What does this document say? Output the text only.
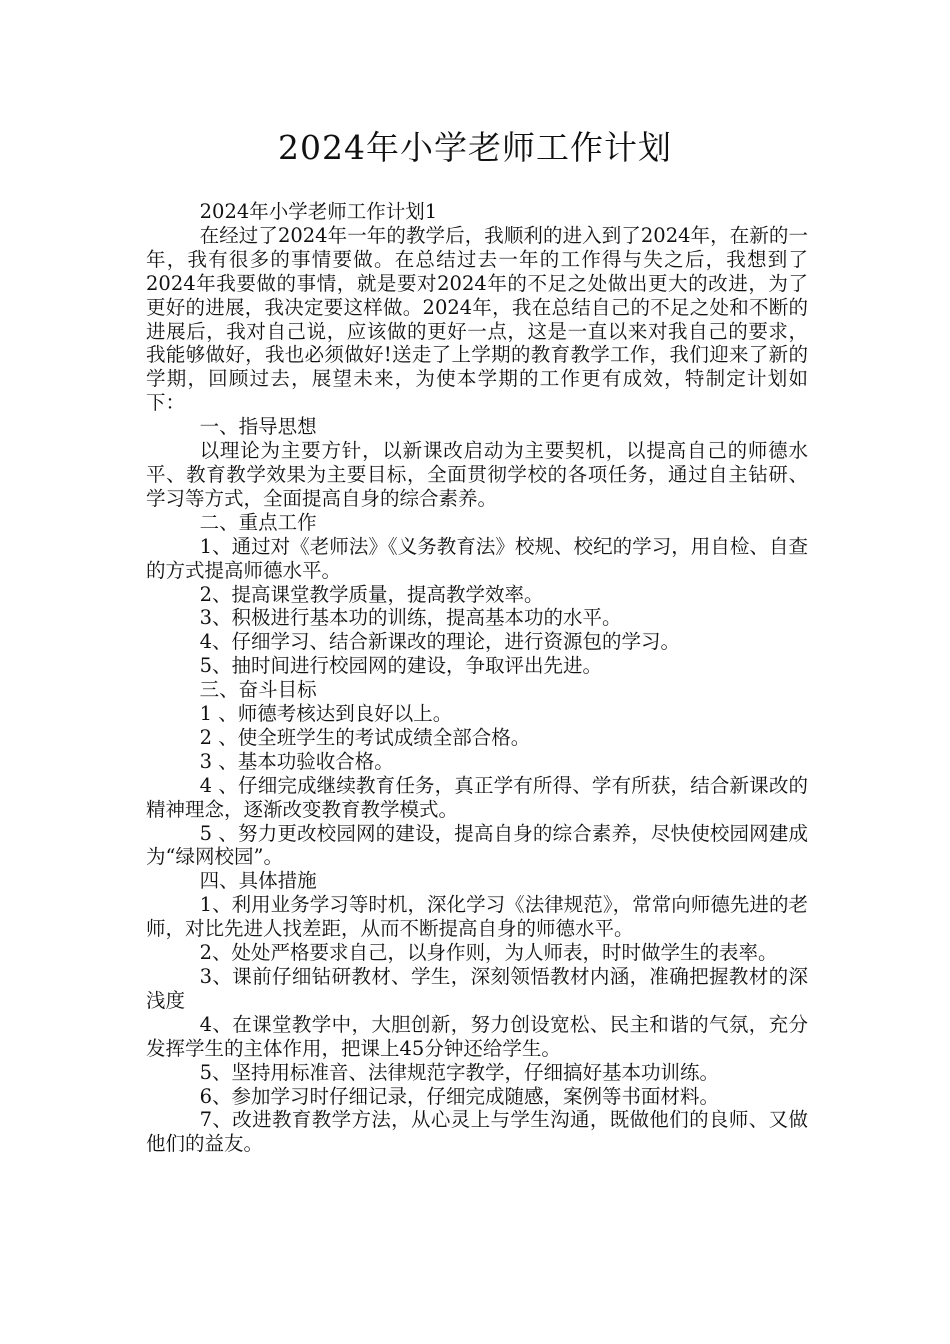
2024年小学老师工作计划

2024年小学老师工作计划1

在经过了2024年一年的教学后，我顺利的进入到了2024年，在新的一年，我有很多的事情要做。在总结过去一年的工作得与失之后，我想到了2024年我要做的事情，就是要对2024年的不足之处做出更大的改进，为了更好的进展，我决定要这样做。2024年，我在总结自己的不足之处和不断的进展后，我对自己说，应该做的更好一点，这是一直以来对我自己的要求，我能够做好，我也必须做好!送走了上学期的教育教学工作，我们迎来了新的学期，回顾过去，展望未来，为使本学期的工作更有成效，特制定计划如下：

一、指导思想

以理论为主要方针，以新课改启动为主要契机，以提高自己的师德水平、教育教学效果为主要目标，全面贯彻学校的各项任务，通过自主钻研、学习等方式，全面提高自身的综合素养。

二、重点工作

1、通过对《老师法》《义务教育法》校规、校纪的学习，用自检、自查的方式提高师德水平。

2、提高课堂教学质量，提高教学效率。

3、积极进行基本功的训练，提高基本功的水平。

4、仔细学习、结合新课改的理论，进行资源包的学习。

5、抽时间进行校园网的建设，争取评出先进。

三、奋斗目标

1 、师德考核达到良好以上。

2 、使全班学生的考试成绩全部合格。

3 、基本功验收合格。

4 、仔细完成继续教育任务，真正学有所得、学有所获，结合新课改的精神理念，逐渐改变教育教学模式。

5 、努力更改校园网的建设，提高自身的综合素养，尽快使校园网建成为“绿网校园”。

四、具体措施

1、利用业务学习等时机，深化学习《法律规范》，常常向师德先进的老师，对比先进人找差距，从而不断提高自身的师德水平。

2、处处严格要求自己，以身作则，为人师表，时时做学生的表率。

3、课前仔细钻研教材、学生，深刻领悟教材内涵，准确把握教材的深浅度

4、在课堂教学中，大胆创新，努力创设宽松、民主和谐的气氛，充分发挥学生的主体作用，把课上45分钟还给学生。

5、坚持用标准音、法律规范字教学，仔细搞好基本功训练。

6、参加学习时仔细记录，仔细完成随感，案例等书面材料。

7、改进教育教学方法，从心灵上与学生沟通，既做他们的良师、又做他们的益友。
